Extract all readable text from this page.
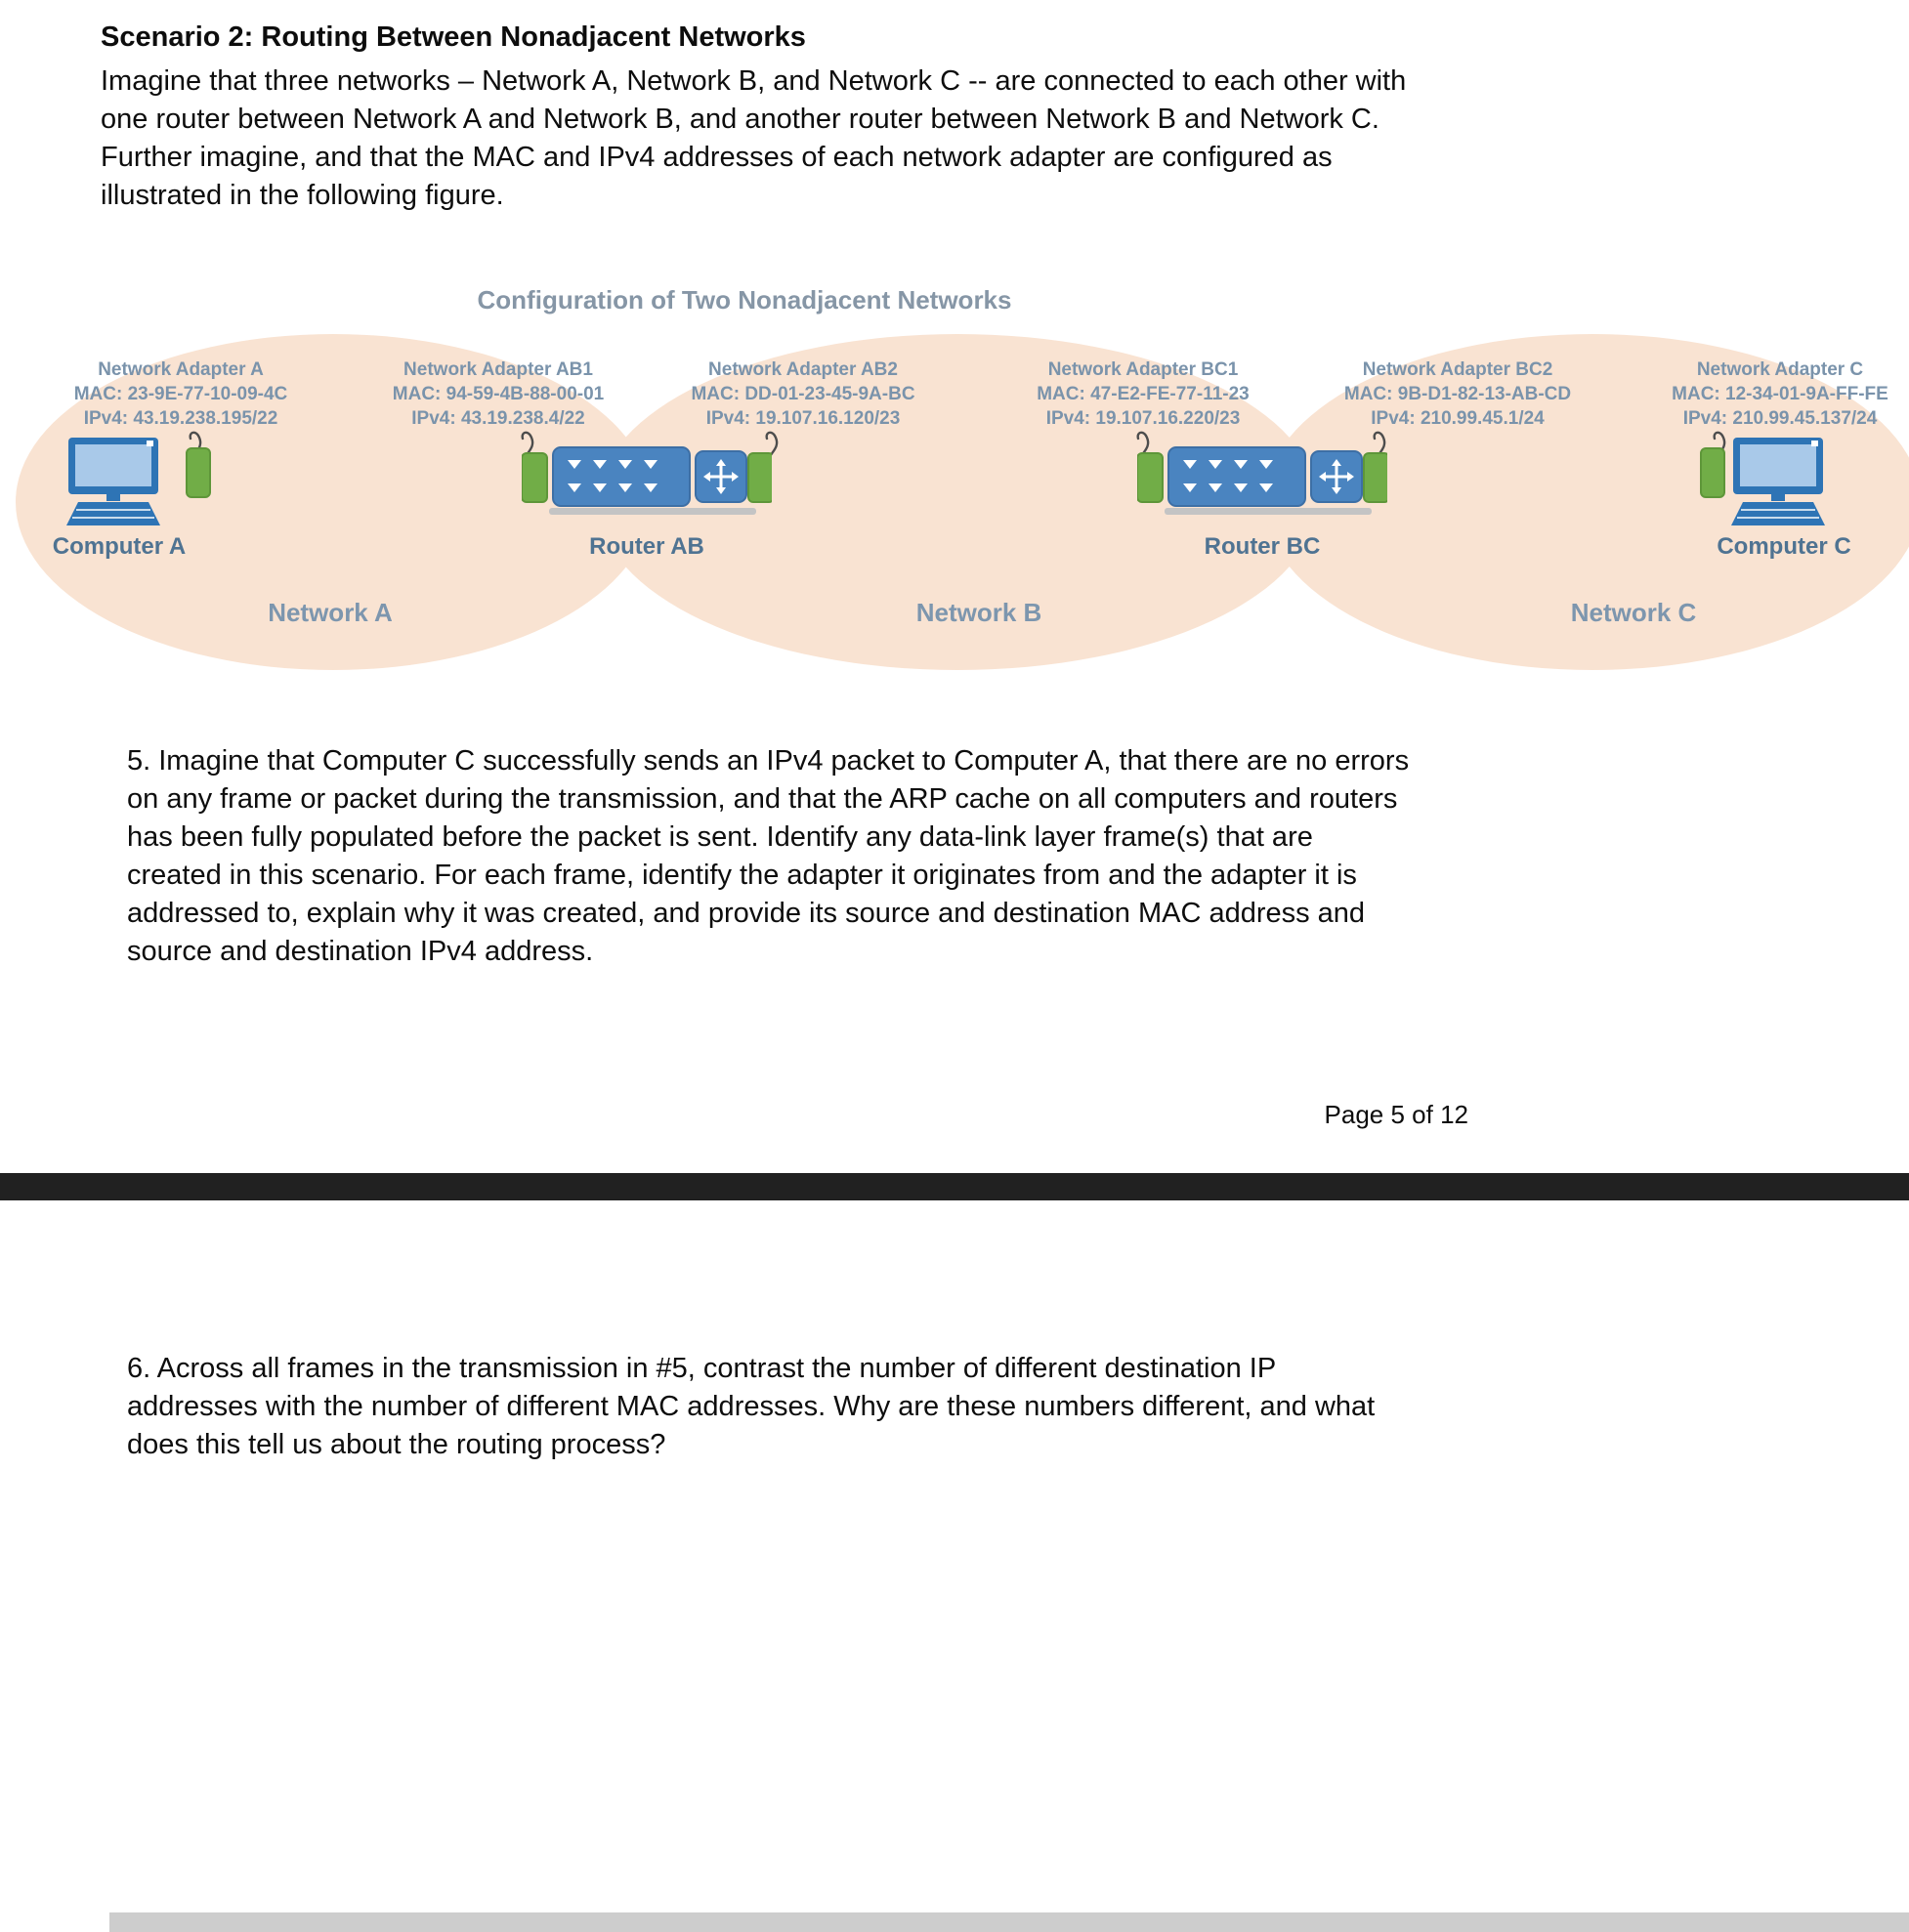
Scenario 2: Routing Between Nonadjacent Networks

Imagine that three networks – Network A, Network B, and Network C -- are connected to each other with one router between Network A and Network B, and another router between Network B and Network C. Further imagine, and that the MAC and IPv4 addresses of each network adapter are configured as illustrated in the following figure.

Configuration of Two Nonadjacent Networks
Network Adapter A
MAC: 23-9E-77-10-09-4C
IPv4: 43.19.238.195/22
Network Adapter AB1
MAC: 94-59-4B-88-00-01
IPv4: 43.19.238.4/22
Network Adapter AB2
MAC: DD-01-23-45-9A-BC
IPv4: 19.107.16.120/23
Network Adapter BC1
MAC: 47-E2-FE-77-11-23
IPv4: 19.107.16.220/23
Network Adapter BC2
MAC: 9B-D1-82-13-AB-CD
IPv4: 210.99.45.1/24
Network Adapter C
MAC: 12-34-01-9A-FF-FE
IPv4: 210.99.45.137/24
Computer A	Router AB	Router BC	Computer C
Network A	Network B	Network C

5. Imagine that Computer C successfully sends an IPv4 packet to Computer A, that there are no errors on any frame or packet during the transmission, and that the ARP cache on all computers and routers has been fully populated before the packet is sent. Identify any data-link layer frame(s) that are created in this scenario. For each frame, identify the adapter it originates from and the adapter it is addressed to, explain why it was created, and provide its source and destination MAC address and source and destination IPv4 address.

Page 5 of 12

6. Across all frames in the transmission in #5, contrast the number of different destination IP addresses with the number of different MAC addresses. Why are these numbers different, and what does this tell us about the routing process?
